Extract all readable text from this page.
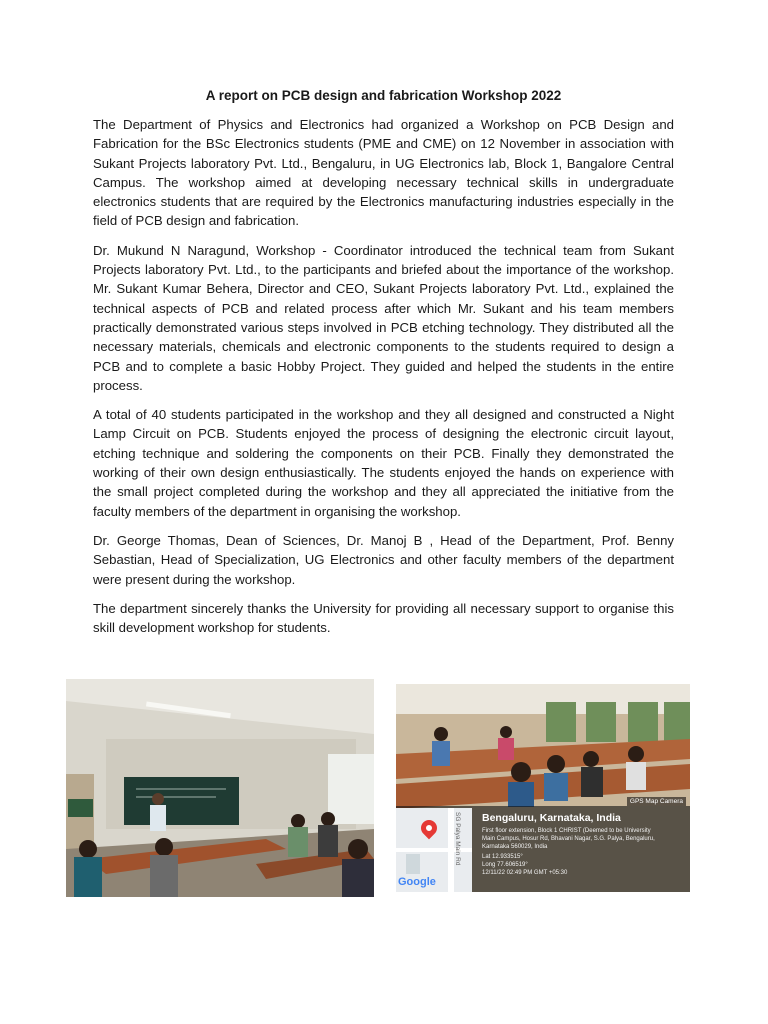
A report on PCB design and fabrication Workshop 2022

The Department of Physics and Electronics had organized a Workshop on PCB Design and Fabrication for the BSc Electronics students (PME and CME) on 12 November in association with Sukant Projects laboratory Pvt. Ltd., Bengaluru, in UG Electronics lab, Block 1, Bangalore Central Campus. The workshop aimed at developing necessary technical skills in undergraduate electronics students that are required by the Electronics manufacturing industries especially in the field of PCB design and fabrication.

Dr. Mukund N Naragund, Workshop - Coordinator introduced the technical team from Sukant Projects laboratory Pvt. Ltd., to the participants and briefed about the importance of the workshop. Mr. Sukant Kumar Behera, Director and CEO, Sukant Projects laboratory Pvt. Ltd., explained the technical aspects of PCB and related process after which Mr. Sukant and his team members practically demonstrated various steps involved in PCB etching technology. They distributed all the necessary materials, chemicals and electronic components to the students required to design a PCB and to complete a basic Hobby Project. They guided and helped the students in the entire process.

A total of 40 students participated in the workshop and they all designed and constructed a Night Lamp Circuit on PCB. Students enjoyed the process of designing the electronic circuit layout, etching technique and soldering the components on their PCB. Finally they demonstrated the working of their own design enthusiastically. The students enjoyed the hands on experience with the small project completed during the workshop and they all appreciated the initiative from the faculty members of the department in organising the workshop.

Dr. George Thomas, Dean of Sciences, Dr. Manoj B , Head of the Department, Prof. Benny Sebastian, Head of Specialization, UG Electronics and other faculty members of the department were present during the workshop.

The department sincerely thanks the University for providing all necessary support to organise this skill development workshop for students.

GPS Map Camera
SG Palya Main Rd
Google
Bengaluru, Karnataka, India
First floor extension, Block 1 CHRIST (Deemed to be University
Main Campus, Hosur Rd, Bhavani Nagar, S.G. Palya, Bengaluru,
Karnataka 560029, India
Lat 12.933515°
Long 77.606519°
12/11/22 02:49 PM GMT +05:30
